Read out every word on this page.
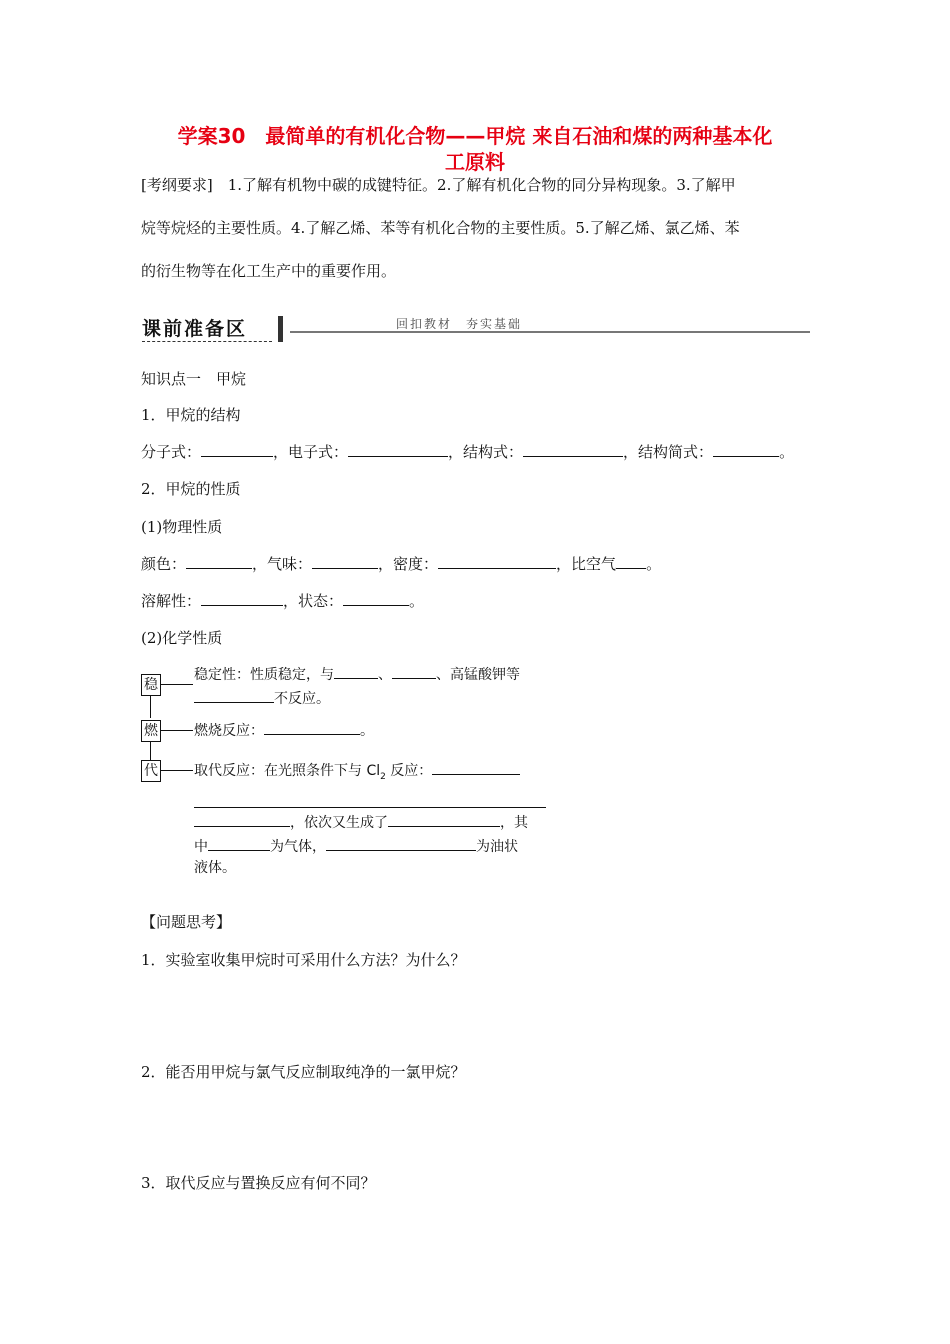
学案30　最简单的有机化合物——甲烷 来自石油和煤的两种基本化
工原料
[考纲要求]　1.了解有机物中碳的成键特征。2.了解有机化合物的同分异构现象。3.了解甲
烷等烷烃的主要性质。4.了解乙烯、苯等有机化合物的主要性质。5.了解乙烯、氯乙烯、苯
的衍生物等在化工生产中的重要作用。
课前准备区	回扣教材　夯实基础
知识点一　甲烷
1．甲烷的结构
分子式：	，电子式：	，结构式：	，结构简式：	。
2．甲烷的性质
(1)物理性质
颜色：	，气味：	，密度：	，比空气 。
溶解性：	，状态：	。
(2)化学性质
稳
燃
代
稳定性：性质稳定，与	、	、高锰酸钾等
不反应。
燃烧反应：	。
取代反应：在光照条件下与 $Cl_2$ 反应：
，依次又生成了	，其
中	为气体，	为油状
液体。
【问题思考】
1．实验室收集甲烷时可采用什么方法？为什么？
2．能否用甲烷与氯气反应制取纯净的一氯甲烷？
3．取代反应与置换反应有何不同？
